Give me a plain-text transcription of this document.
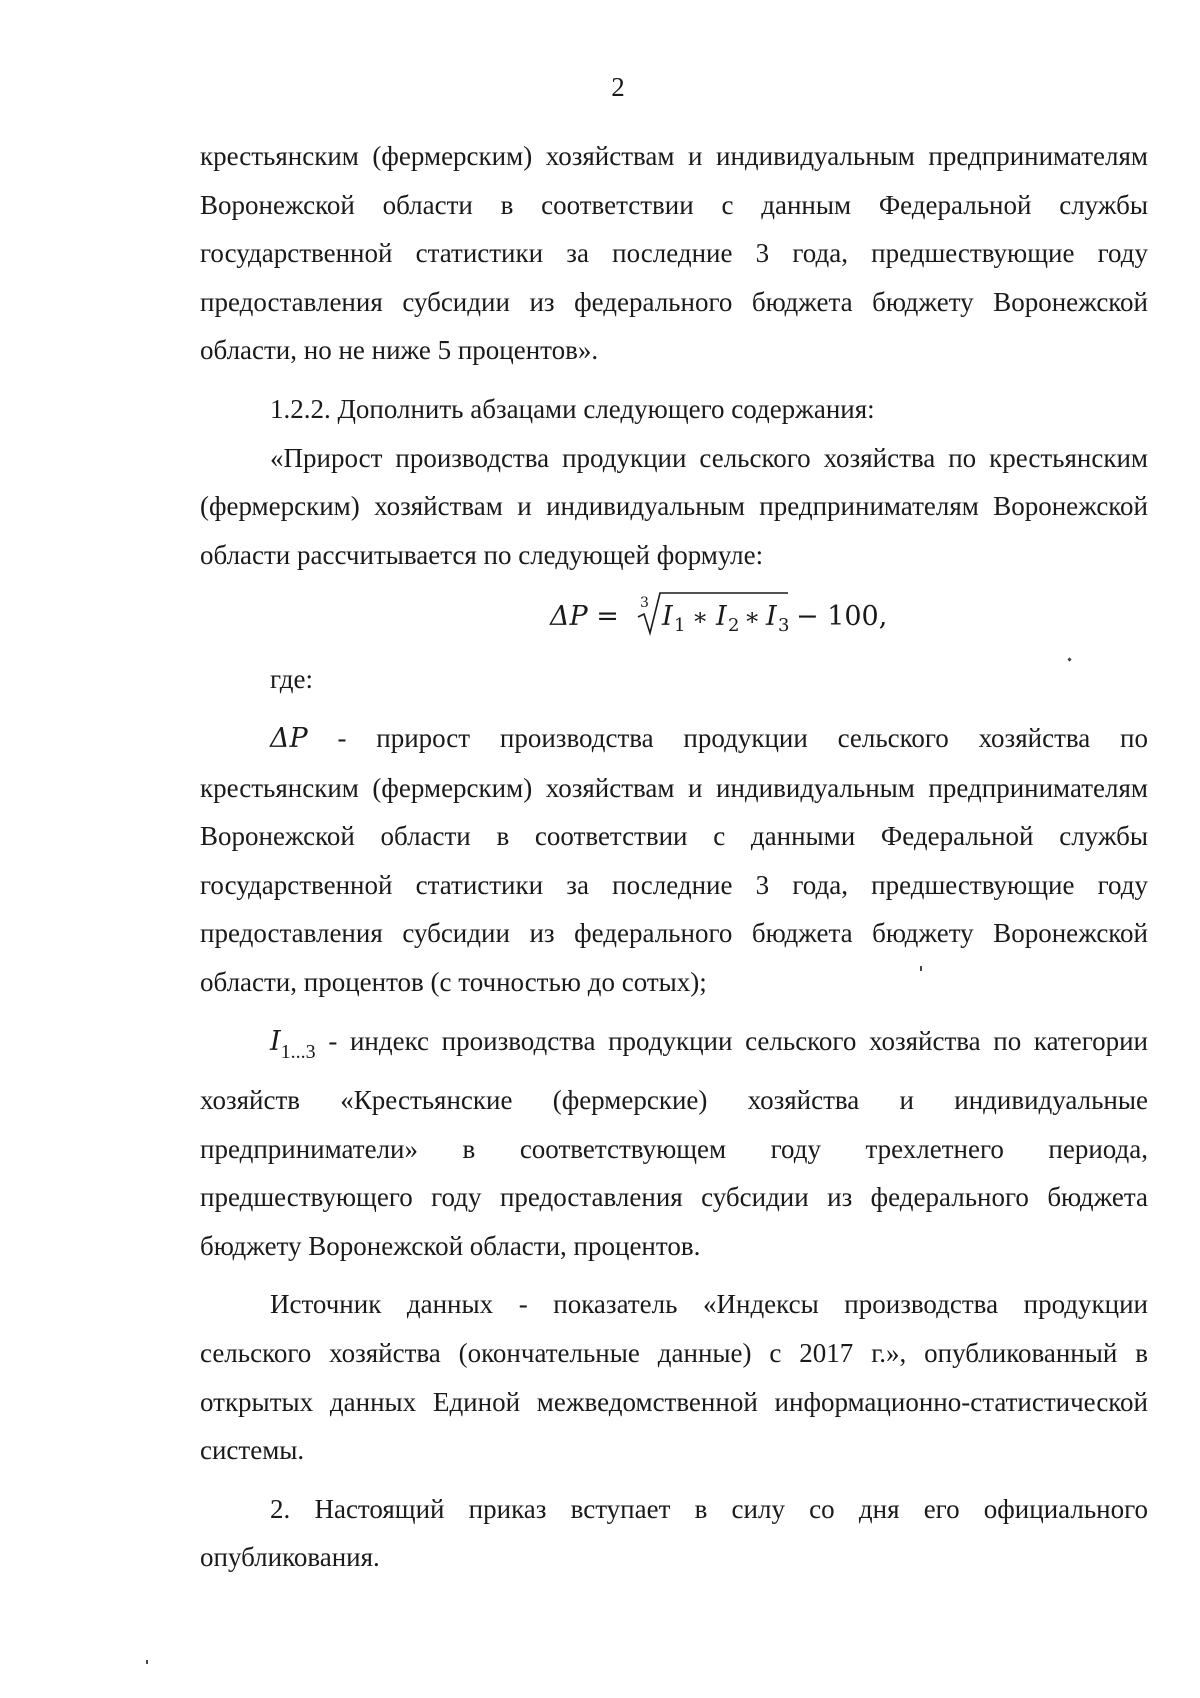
2

крестьянским (фермерским) хозяйствам и индивидуальным предпринимателям Воронежской области в соответствии с данным Федеральной службы государственной статистики за последние 3 года, предшествующие году предоставления субсидии из федерального бюджета бюджету Воронежской области, но не ниже 5 процентов».

1.2.2. Дополнить абзацами следующего содержания:

«Прирост производства продукции сельского хозяйства по крестьянским (фермерским) хозяйствам и индивидуальным предпринимателям Воронежской области рассчитывается по следующей формуле:

ΔP = 3 I 1 ∗ I 2 ∗ I 3 − 100,

где:

ΔP - прирост производства продукции сельского хозяйства по крестьянским (фермерским) хозяйствам и индивидуальным предпринимателям Воронежской области в соответствии с данными Федеральной службы государственной статистики за последние 3 года, предшествующие году предоставления субсидии из федерального бюджета бюджету Воронежской области, процентов (с точностью до сотых);

$I_{1...3}$ - индекс производства продукции сельского хозяйства по категории хозяйств «Крестьянские (фермерские) хозяйства и индивидуальные предприниматели» в соответствующем году трехлетнего периода, предшествующего году предоставления субсидии из федерального бюджета бюджету Воронежской области, процентов.

Источник данных - показатель «Индексы производства продукции сельского хозяйства (окончательные данные) с 2017 г.», опубликованный в открытых данных Единой межведомственной информационно-статистической системы.

2. Настоящий приказ вступает в силу со дня его официального опубликования.
